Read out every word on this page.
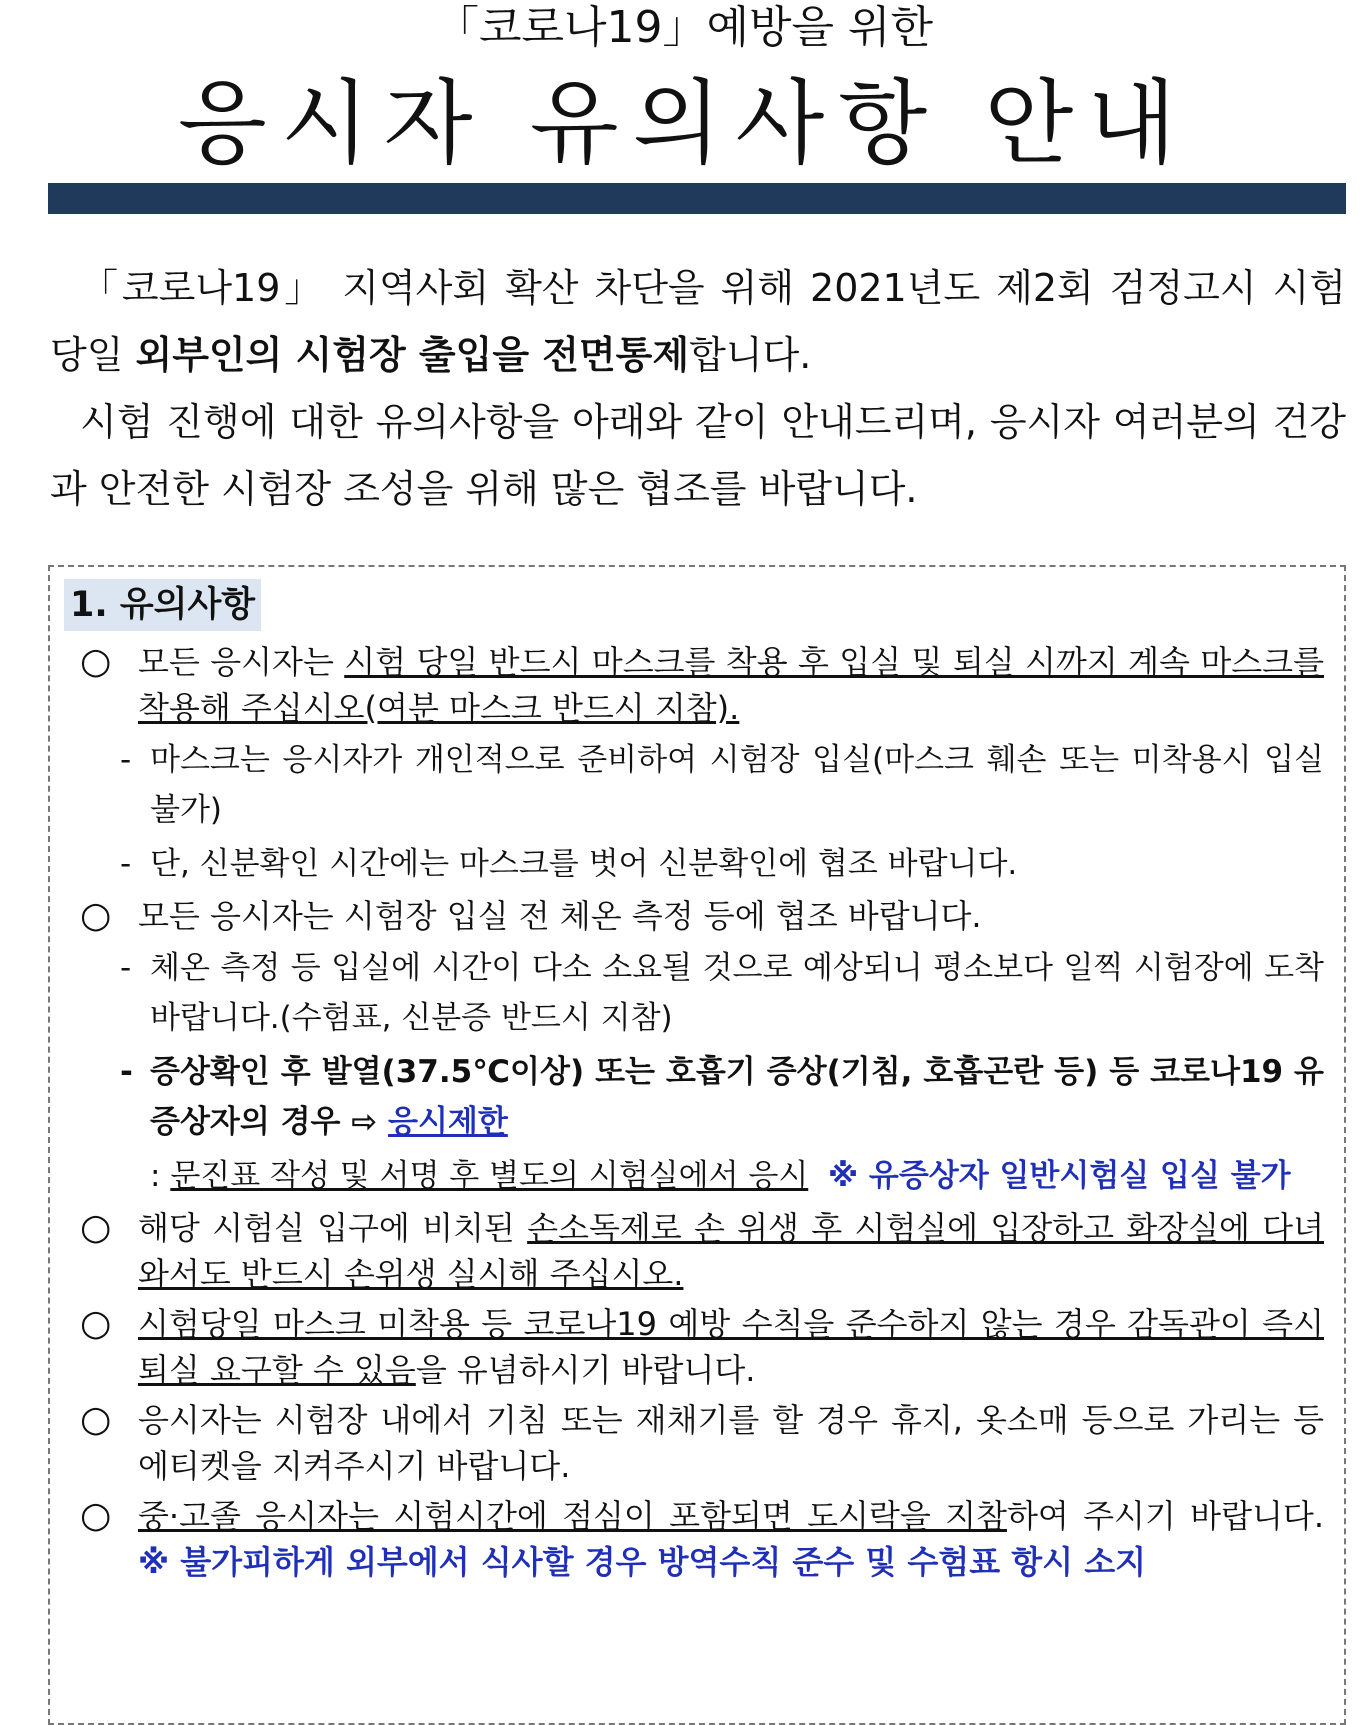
「코로나19」예방을 위한
응시자 유의사항 안내

「코로나19」 지역사회 확산 차단을 위해 2021년도 제2회 검정고시 시험 당일 외부인의 시험장 출입을 전면통제합니다.

시험 진행에 대한 유의사항을 아래와 같이 안내드리며, 응시자 여러분의 건강과 안전한 시험장 조성을 위해 많은 협조를 바랍니다.

1. 유의사항
○ 모든 응시자는 시험 당일 반드시 마스크를 착용 후 입실 및 퇴실 시까지 계속 마스크를 착용해 주십시오(여분 마스크 반드시 지참).
- 마스크는 응시자가 개인적으로 준비하여 시험장 입실(마스크 훼손 또는 미착용시 입실 불가)
- 단, 신분확인 시간에는 마스크를 벗어 신분확인에 협조 바랍니다.
○ 모든 응시자는 시험장 입실 전 체온 측정 등에 협조 바랍니다.
- 체온 측정 등 입실에 시간이 다소 소요될 것으로 예상되니 평소보다 일찍 시험장에 도착 바랍니다.(수험표, 신분증 반드시 지참)
- 증상확인 후 발열(37.5℃이상) 또는 호흡기 증상(기침, 호흡곤란 등) 등 코로나19 유증상자의 경우 ⇨ 응시제한
: 문진표 작성 및 서명 후 별도의 시험실에서 응시 ※ 유증상자 일반시험실 입실 불가
○ 해당 시험실 입구에 비치된 손소독제로 손 위생 후 시험실에 입장하고 화장실에 다녀와서도 반드시 손위생 실시해 주십시오.
○ 시험당일 마스크 미착용 등 코로나19 예방 수칙을 준수하지 않는 경우 감독관이 즉시 퇴실 요구할 수 있음을 유념하시기 바랍니다.
○ 응시자는 시험장 내에서 기침 또는 재채기를 할 경우 휴지, 옷소매 등으로 가리는 등 에티켓을 지켜주시기 바랍니다.
○ 중·고졸 응시자는 시험시간에 점심이 포함되면 도시락을 지참하여 주시기 바랍니다. ※ 불가피하게 외부에서 식사할 경우 방역수칙 준수 및 수험표 항시 소지
